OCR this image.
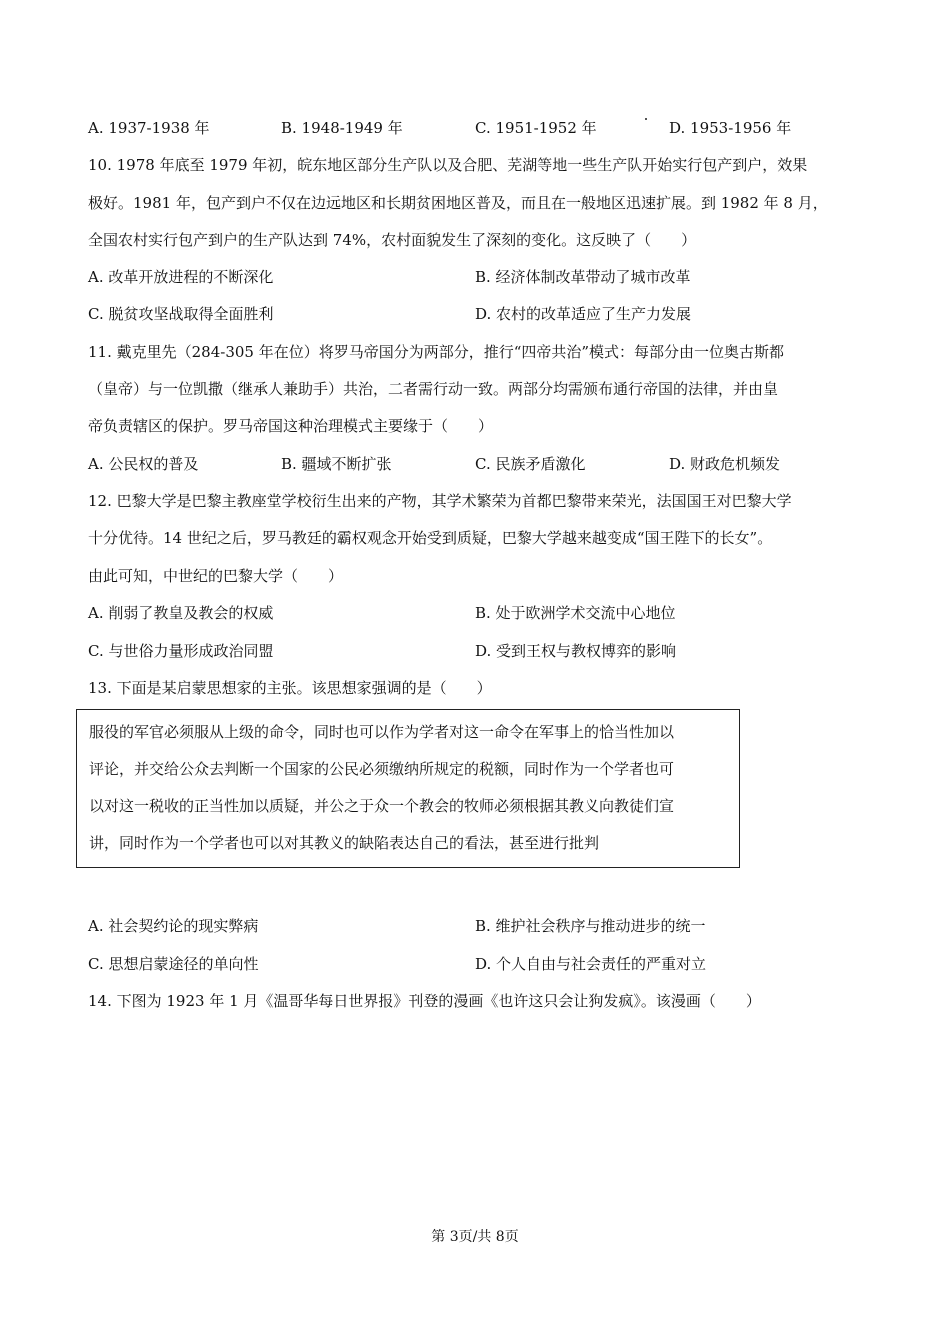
A. 1937-1938 年	B. 1948-1949 年	C. 1951-1952 年	D. 1953-1956 年
10. 1978 年底至 1979 年初，皖东地区部分生产队以及合肥、芜湖等地一些生产队开始实行包产到户，效果
极好。1981 年，包产到户不仅在边远地区和长期贫困地区普及，而且在一般地区迅速扩展。到 1982 年 8 月，
全国农村实行包产到户的生产队达到 74%，农村面貌发生了深刻的变化。这反映了（　　）
A. 改革开放进程的不断深化	B. 经济体制改革带动了城市改革
C. 脱贫攻坚战取得全面胜利	D. 农村的改革适应了生产力发展
11. 戴克里先（284-305 年在位）将罗马帝国分为两部分，推行“四帝共治”模式：每部分由一位奥古斯都
（皇帝）与一位凯撒（继承人兼助手）共治，二者需行动一致。两部分均需颁布通行帝国的法律，并由皇
帝负责辖区的保护。罗马帝国这种治理模式主要缘于（　　）
A. 公民权的普及	B. 疆域不断扩张	C. 民族矛盾激化	D. 财政危机频发
12. 巴黎大学是巴黎主教座堂学校衍生出来的产物，其学术繁荣为首都巴黎带来荣光，法国国王对巴黎大学
十分优待。14 世纪之后，罗马教廷的霸权观念开始受到质疑，巴黎大学越来越变成“国王陛下的长女”。
由此可知，中世纪的巴黎大学（　　）
A. 削弱了教皇及教会的权威	B. 处于欧洲学术交流中心地位
C. 与世俗力量形成政治同盟	D. 受到王权与教权博弈的影响
13. 下面是某启蒙思想家的主张。该思想家强调的是（　　）
服役的军官必须服从上级的命令，同时也可以作为学者对这一命令在军事上的恰当性加以
评论，并交给公众去判断一个国家的公民必须缴纳所规定的税额，同时作为一个学者也可
以对这一税收的正当性加以质疑，并公之于众一个教会的牧师必须根据其教义向教徒们宣
讲，同时作为一个学者也可以对其教义的缺陷表达自己的看法，甚至进行批判
A. 社会契约论的现实弊病	B. 维护社会秩序与推动进步的统一
C. 思想启蒙途径的单向性	D. 个人自由与社会责任的严重对立
14. 下图为 1923 年 1 月《温哥华每日世界报》刊登的漫画《也许这只会让狗发疯》。该漫画（　　）
第 3页/共 8页
